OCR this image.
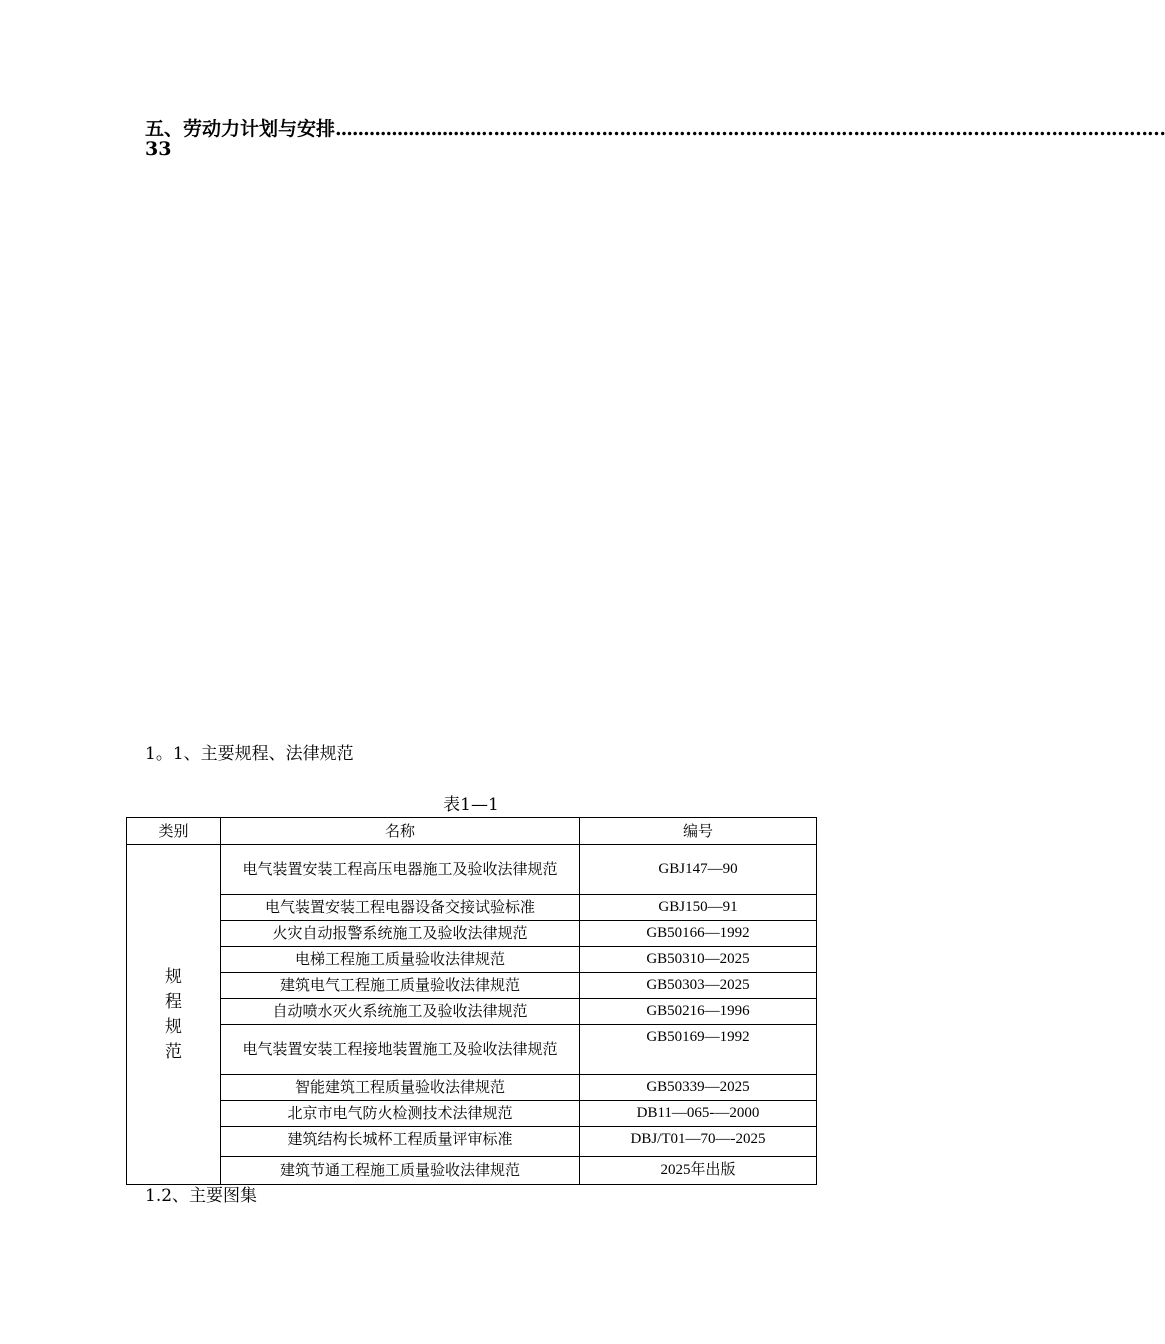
五、劳动力计划与安排 ..........................……………………………………………………………………………………………………
33
1。1、主要规程、法律规范
表1—1
类别	名称	编号
规程规范	电气装置安装工程高压电器施工及验收法律规范	GBJ147—90
	电气装置安装工程电器设备交接试验标准	GBJ150—91
	火灾自动报警系统施工及验收法律规范	GB50166—1992
	电梯工程施工质量验收法律规范	GB50310—2025
	建筑电气工程施工质量验收法律规范	GB50303—2025
	自动喷水灭火系统施工及验收法律规范	GB50216—1996
	电气装置安装工程接地装置施工及验收法律规范	GB50169—1992
	智能建筑工程质量验收法律规范	GB50339—2025
	北京市电气防火检测技术法律规范	DB11—065-—2000
	建筑结构长城杯工程质量评审标准	DBJ/T01—70—-2025
	建筑节通工程施工质量验收法律规范	2025年出版
1.2、主要图集
